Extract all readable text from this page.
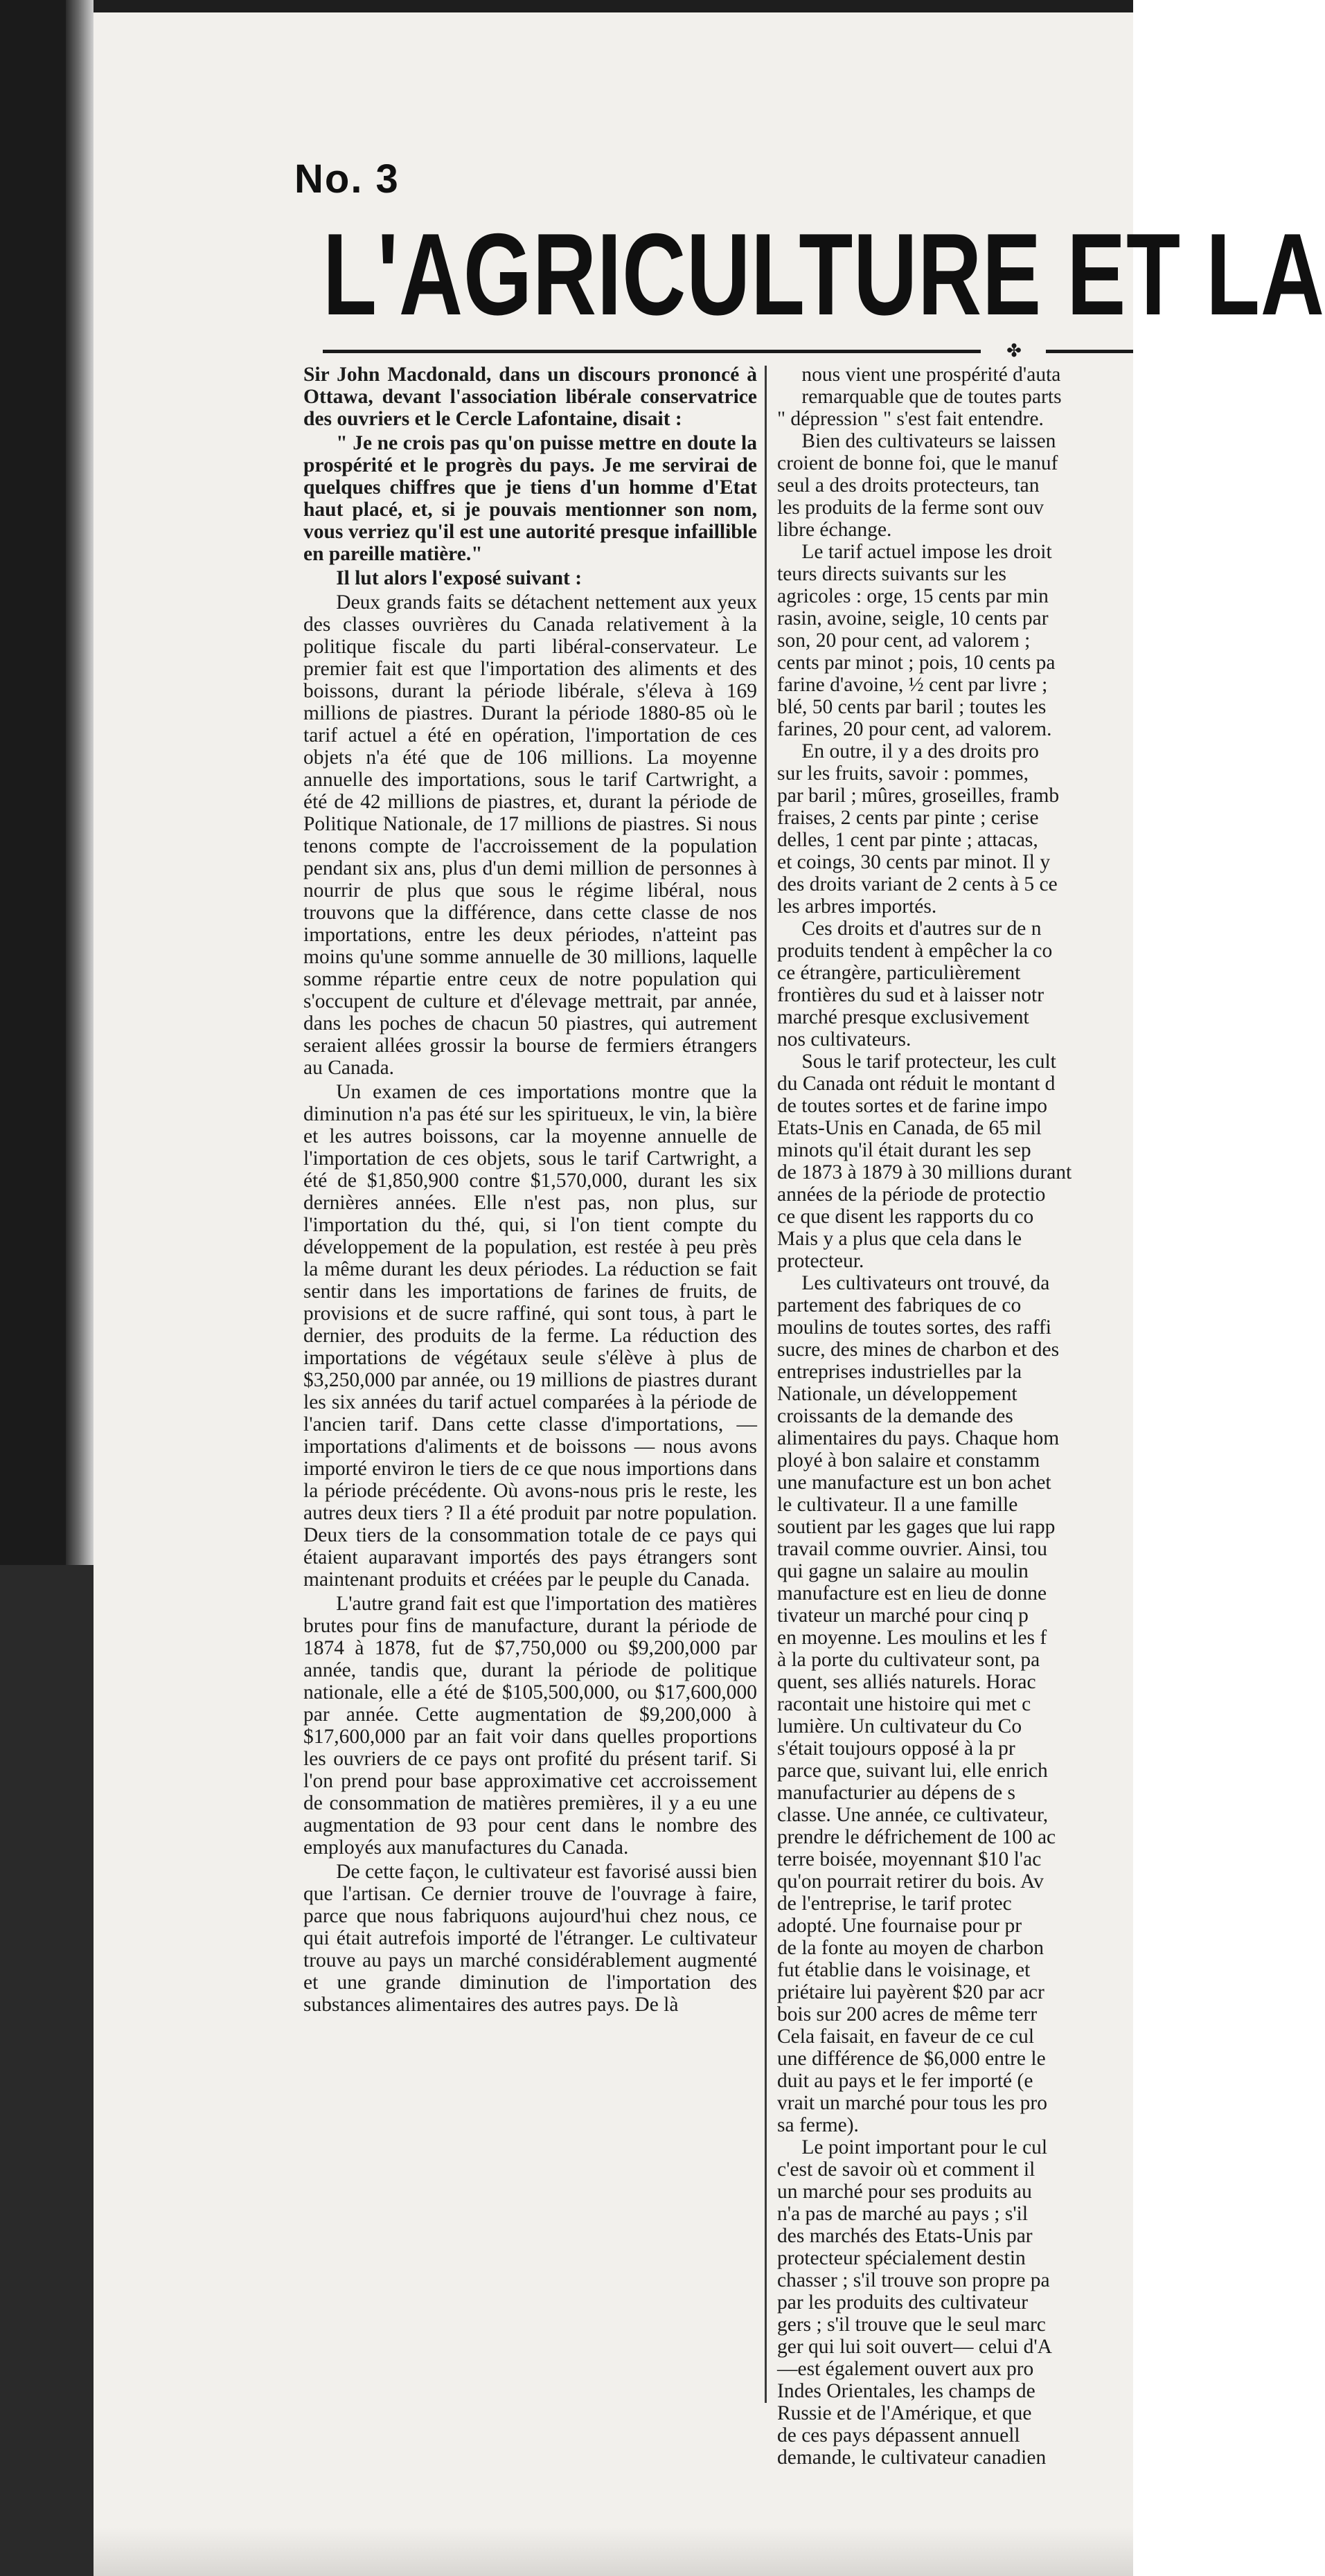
No. 3
L'AGRICULTURE ET LA
✤

Sir John Macdonald, dans un discours prononcé à Ottawa, devant l'association libérale conservatrice des ouvriers et le Cercle Lafontaine, disait :

" Je ne crois pas qu'on puisse mettre en doute la prospérité et le progrès du pays. Je me servirai de quelques chiffres que je tiens d'un homme d'Etat haut placé, et, si je pouvais mentionner son nom, vous verriez qu'il est une autorité presque infaillible en pareille matière."

Il lut alors l'exposé suivant :

Deux grands faits se détachent nettement aux yeux des classes ouvrières du Canada relativement à la politique fiscale du parti libéral-conservateur. Le premier fait est que l'importation des aliments et des boissons, durant la période libérale, s'éleva à 169 millions de piastres. Durant la période 1880-85 où le tarif actuel a été en opération, l'importation de ces objets n'a été que de 106 millions. La moyenne annuelle des importations, sous le tarif Cartwright, a été de 42 millions de piastres, et, durant la période de Politique Nationale, de 17 millions de piastres. Si nous tenons compte de l'accroissement de la population pendant six ans, plus d'un demi million de personnes à nourrir de plus que sous le régime libéral, nous trouvons que la différence, dans cette classe de nos importations, entre les deux périodes, n'atteint pas moins qu'une somme annuelle de 30 millions, laquelle somme répartie entre ceux de notre population qui s'occupent de culture et d'élevage mettrait, par année, dans les poches de chacun 50 piastres, qui autrement seraient allées grossir la bourse de fermiers étrangers au Canada.

Un examen de ces importations montre que la diminution n'a pas été sur les spiritueux, le vin, la bière et les autres boissons, car la moyenne annuelle de l'importation de ces objets, sous le tarif Cartwright, a été de $1,850,900 contre $1,570,000, durant les six dernières années. Elle n'est pas, non plus, sur l'importation du thé, qui, si l'on tient compte du développement de la population, est restée à peu près la même durant les deux périodes. La réduction se fait sentir dans les importations de farines de fruits, de provisions et de sucre raffiné, qui sont tous, à part le dernier, des produits de la ferme. La réduction des importations de végétaux seule s'élève à plus de $3,250,000 par année, ou 19 millions de piastres durant les six années du tarif actuel comparées à la période de l'ancien tarif. Dans cette classe d'importations, — importations d'aliments et de boissons — nous avons importé environ le tiers de ce que nous importions dans la période précédente. Où avons-nous pris le reste, les autres deux tiers ? Il a été produit par notre population. Deux tiers de la consommation totale de ce pays qui étaient auparavant importés des pays étrangers sont maintenant produits et créées par le peuple du Canada.

L'autre grand fait est que l'importation des matières brutes pour fins de manufacture, durant la période de 1874 à 1878, fut de $7,750,000 ou $9,200,000 par année, tandis que, durant la période de politique nationale, elle a été de $105,500,000, ou $17,600,000 par année. Cette augmentation de $9,200,000 à $17,600,000 par an fait voir dans quelles proportions les ouvriers de ce pays ont profité du présent tarif. Si l'on prend pour base approximative cet accroissement de consommation de matières premières, il y a eu une augmentation de 93 pour cent dans le nombre des employés aux manufactures du Canada.

De cette façon, le cultivateur est favorisé aussi bien que l'artisan. Ce dernier trouve de l'ouvrage à faire, parce que nous fabriquons aujourd'hui chez nous, ce qui était autrefois importé de l'étranger. Le cultivateur trouve au pays un marché considérablement augmenté et une grande diminution de l'importation des substances alimentaires des autres pays. De là

nous vient une prospérité d'auta

remarquable que de toutes parts

" dépression " s'est fait entendre.

Bien des cultivateurs se laissen

croient de bonne foi, que le manuf

seul a des droits protecteurs, tan

les produits de la ferme sont ouv

libre échange.

Le tarif actuel impose les droit

teurs directs suivants sur les

agricoles : orge, 15 cents par min

rasin, avoine, seigle, 10 cents par

son, 20 pour cent, ad valorem ;

cents par minot ; pois, 10 cents pa

farine d'avoine, ½ cent par livre ;

blé, 50 cents par baril ; toutes les

farines, 20 pour cent, ad valorem.

En outre, il y a des droits pro

sur les fruits, savoir : pommes,

par baril ; mûres, groseilles, framb

fraises, 2 cents par pinte ; cerise

delles, 1 cent par pinte ; attacas,

et coings, 30 cents par minot. Il y

des droits variant de 2 cents à 5 ce

les arbres importés.

Ces droits et d'autres sur de n

produits tendent à empêcher la co

ce étrangère, particulièrement

frontières du sud et à laisser notr

marché presque exclusivement

nos cultivateurs.

Sous le tarif protecteur, les cult

du Canada ont réduit le montant d

de toutes sortes et de farine impo

Etats-Unis en Canada, de 65 mil

minots qu'il était durant les sep

de 1873 à 1879 à 30 millions durant

années de la période de protectio

ce que disent les rapports du co

Mais y a plus que cela dans le

protecteur.

Les cultivateurs ont trouvé, da

partement des fabriques de co

moulins de toutes sortes, des raffi

sucre, des mines de charbon et des

entreprises industrielles par la

Nationale, un développement

croissants de la demande des

alimentaires du pays. Chaque hom

ployé à bon salaire et constamm

une manufacture est un bon achet

le cultivateur. Il a une famille

soutient par les gages que lui rapp

travail comme ouvrier. Ainsi, tou

qui gagne un salaire au moulin

manufacture est en lieu de donne

tivateur un marché pour cinq p

en moyenne. Les moulins et les f

à la porte du cultivateur sont, pa

quent, ses alliés naturels. Horac

racontait une histoire qui met c

lumière. Un cultivateur du Co

s'était toujours opposé à la pr

parce que, suivant lui, elle enrich

manufacturier au dépens de s

classe. Une année, ce cultivateur,

prendre le défrichement de 100 ac

terre boisée, moyennant $10 l'ac

qu'on pourrait retirer du bois. Av

de l'entreprise, le tarif protec

adopté. Une fournaise pour pr

de la fonte au moyen de charbon

fut établie dans le voisinage, et

priétaire lui payèrent $20 par acr

bois sur 200 acres de même terr

Cela faisait, en faveur de ce cul

une différence de $6,000 entre le

duit au pays et le fer importé (e

vrait un marché pour tous les pro

sa ferme).

Le point important pour le cul

c'est de savoir où et comment il

un marché pour ses produits au

n'a pas de marché au pays ; s'il

des marchés des Etats-Unis par

protecteur spécialement destin

chasser ; s'il trouve son propre pa

par les produits des cultivateur

gers ; s'il trouve que le seul marc

ger qui lui soit ouvert— celui d'A

—est également ouvert aux pro

Indes Orientales, les champs de

Russie et de l'Amérique, et que

de ces pays dépassent annuell

demande, le cultivateur canadien
